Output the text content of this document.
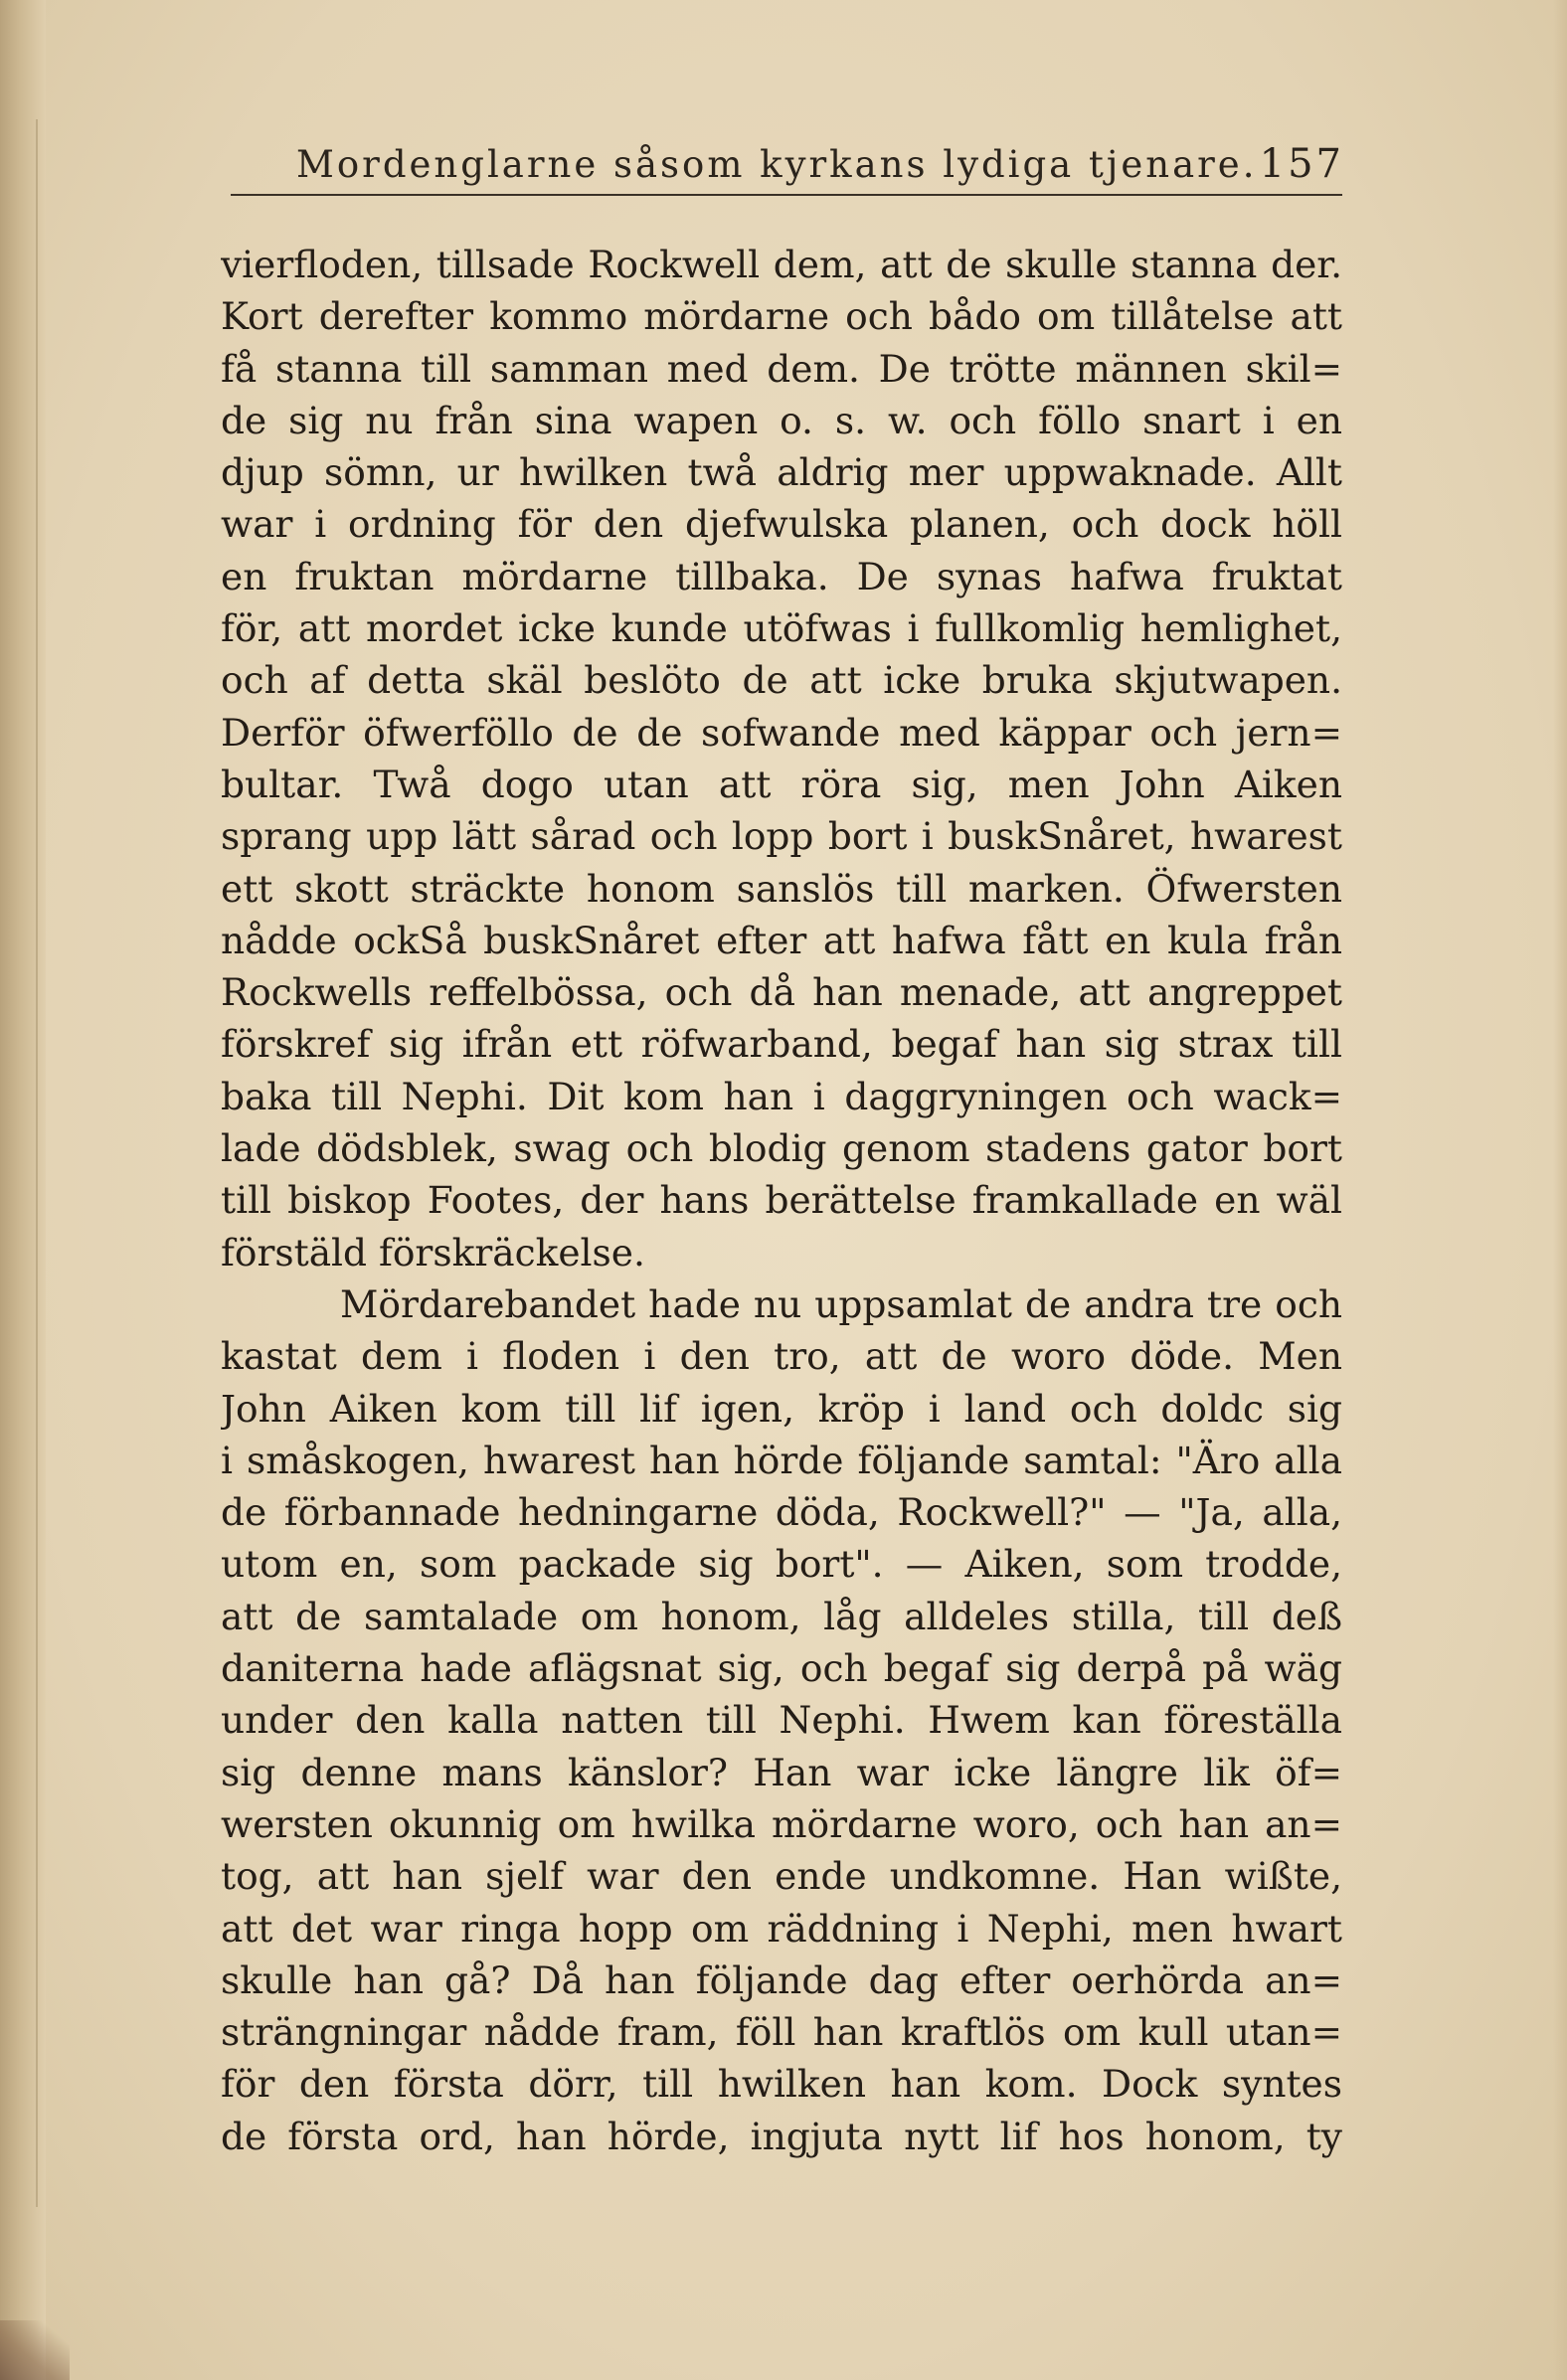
Mordenglarne såsom kyrkans lydiga tjenare. 157
vierfloden, tillsade Rockwell dem, att de skulle stanna der.
Kort derefter kommo mördarne och bådo om tillåtelse att
få stanna till samman med dem. De trötte männen skil=
de sig nu från sina wapen o. s. w. och föllo snart i en
djup sömn, ur hwilken twå aldrig mer uppwaknade. Allt
war i ordning för den djefwulska planen, och dock höll
en fruktan mördarne tillbaka. De synas hafwa fruktat
för, att mordet icke kunde utöfwas i fullkomlig hemlighet,
och af detta skäl beslöto de att icke bruka skjutwapen.
Derför öfwerföllo de de sofwande med käppar och jern=
bultar. Twå dogo utan att röra sig, men John Aiken
sprang upp lätt sårad och lopp bort i buskSnåret, hwarest
ett skott sträckte honom sanslös till marken. Öfwersten
nådde ockSå buskSnåret efter att hafwa fått en kula från
Rockwells reffelbössa, och då han menade, att angreppet
förskref sig ifrån ett röfwarband, begaf han sig strax till
baka till Nephi. Dit kom han i daggryningen och wack=
lade dödsblek, swag och blodig genom stadens gator bort
till biskop Footes, der hans berättelse framkallade en wäl
förstäld förskräckelse.
Mördarebandet hade nu uppsamlat de andra tre och
kastat dem i floden i den tro, att de woro döde. Men
John Aiken kom till lif igen, kröp i land och doldc sig
i småskogen, hwarest han hörde följande samtal: "Äro alla
de förbannade hedningarne döda, Rockwell?" — "Ja, alla,
utom en, som packade sig bort". — Aiken, som trodde,
att de samtalade om honom, låg alldeles stilla, till deß
daniterna hade aflägsnat sig, och begaf sig derpå på wäg
under den kalla natten till Nephi. Hwem kan föreställa
sig denne mans känslor? Han war icke längre lik öf=
wersten okunnig om hwilka mördarne woro, och han an=
tog, att han sjelf war den ende undkomne. Han wißte,
att det war ringa hopp om räddning i Nephi, men hwart
skulle han gå? Då han följande dag efter oerhörda an=
strängningar nådde fram, föll han kraftlös om kull utan=
för den första dörr, till hwilken han kom. Dock syntes
de första ord, han hörde, ingjuta nytt lif hos honom, ty
